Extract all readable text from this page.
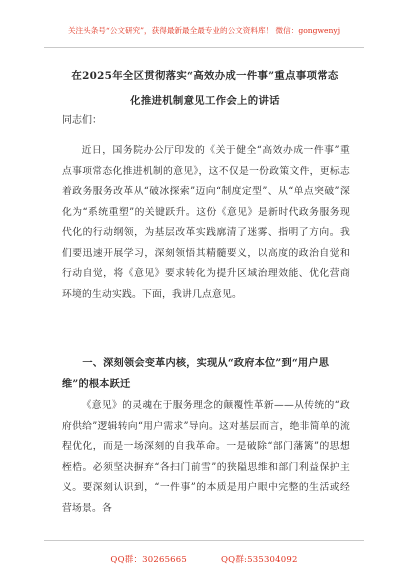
关注头条号“公文研究”，获得最新最全最专业的公文资料库！ 微信：gongwenyj
在2025年全区贯彻落实“高效办成一件事”重点事项常态
化推进机制意见工作会上的讲话
同志们：
近日，国务院办公厅印发的《关于健全“高效办成一件事”重点事项常态化推进机制的意见》，这不仅是一份政策文件，更标志着政务服务改革从“破冰探索”迈向“制度定型”、从“单点突破”深化为“系统重塑”的关键跃升。这份《意见》是新时代政务服务现代化的行动纲领，为基层改革实践廓清了迷雾、指明了方向。我们要迅速开展学习，深刻领悟其精髓要义，以高度的政治自觉和行动自觉，将《意见》要求转化为提升区域治理效能、优化营商环境的生动实践。下面，我讲几点意见。
一、深刻领会变革内核，实现从“政府本位”到“用户思维”的根本跃迁
《意见》的灵魂在于服务理念的颠覆性革新——从传统的“政府供给”逻辑转向“用户需求”导向。这对基层而言，绝非简单的流程优化，而是一场深刻的自我革命。一是破除“部门藩篱”的思想桎梏。必须坚决摒弃“各扫门前雪”的狭隘思维和部门利益保护主义。要深刻认识到，“一件事”的本质是用户眼中完整的生活或经营场景。各
QQ群：30265665	QQ群:535304092
